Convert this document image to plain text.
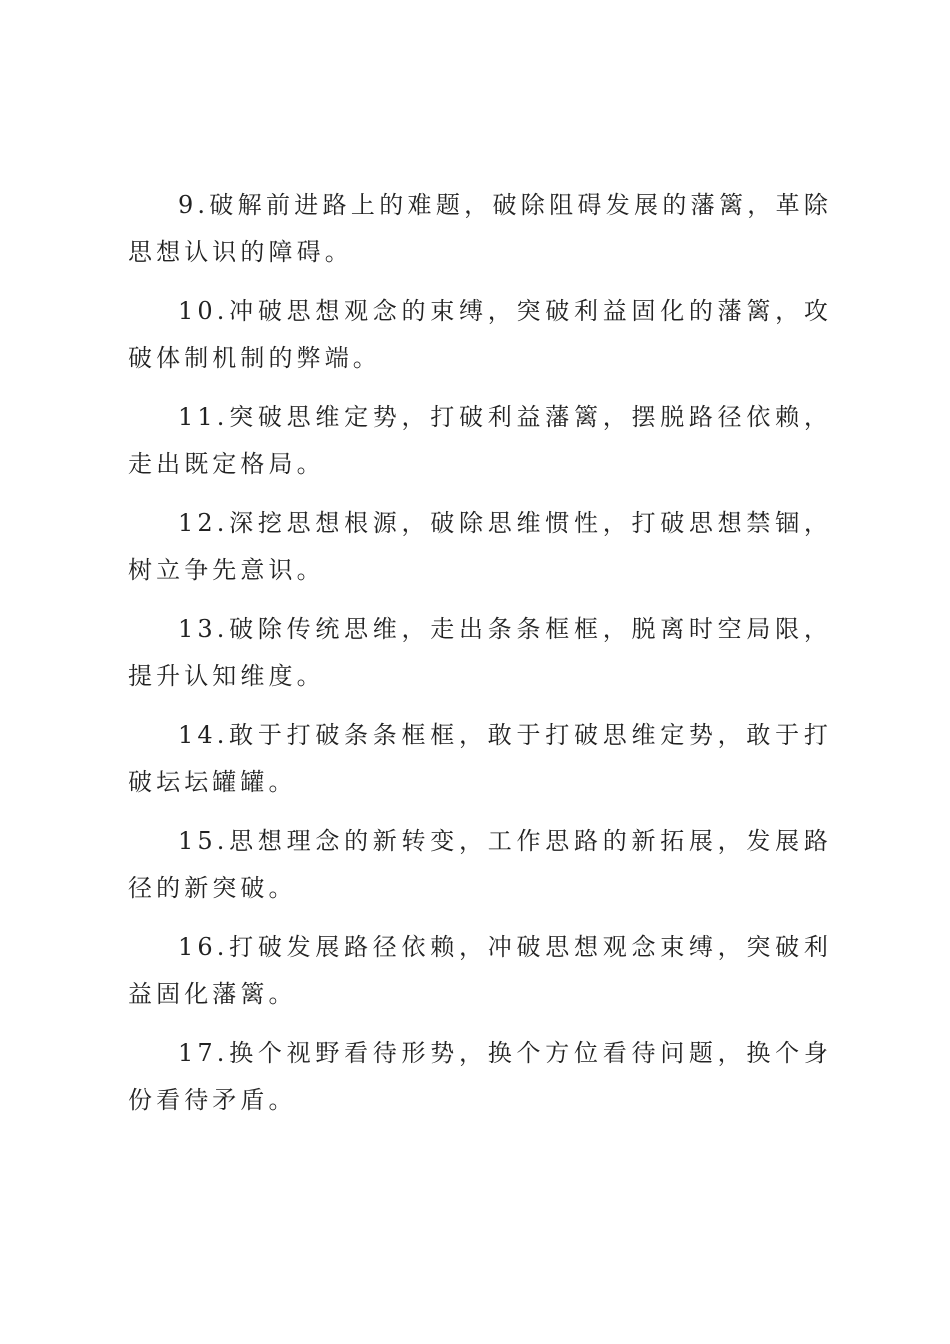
9.破解前进路上的难题，破除阻碍发展的藩篱，革除思想认识的障碍。

10.冲破思想观念的束缚，突破利益固化的藩篱，攻破体制机制的弊端。

11.突破思维定势，打破利益藩篱，摆脱路径依赖，走出既定格局。

12.深挖思想根源，破除思维惯性，打破思想禁锢，树立争先意识。

13.破除传统思维，走出条条框框，脱离时空局限，提升认知维度。

14.敢于打破条条框框，敢于打破思维定势，敢于打破坛坛罐罐。

15.思想理念的新转变，工作思路的新拓展，发展路径的新突破。

16.打破发展路径依赖，冲破思想观念束缚，突破利益固化藩篱。

17.换个视野看待形势，换个方位看待问题，换个身份看待矛盾。
